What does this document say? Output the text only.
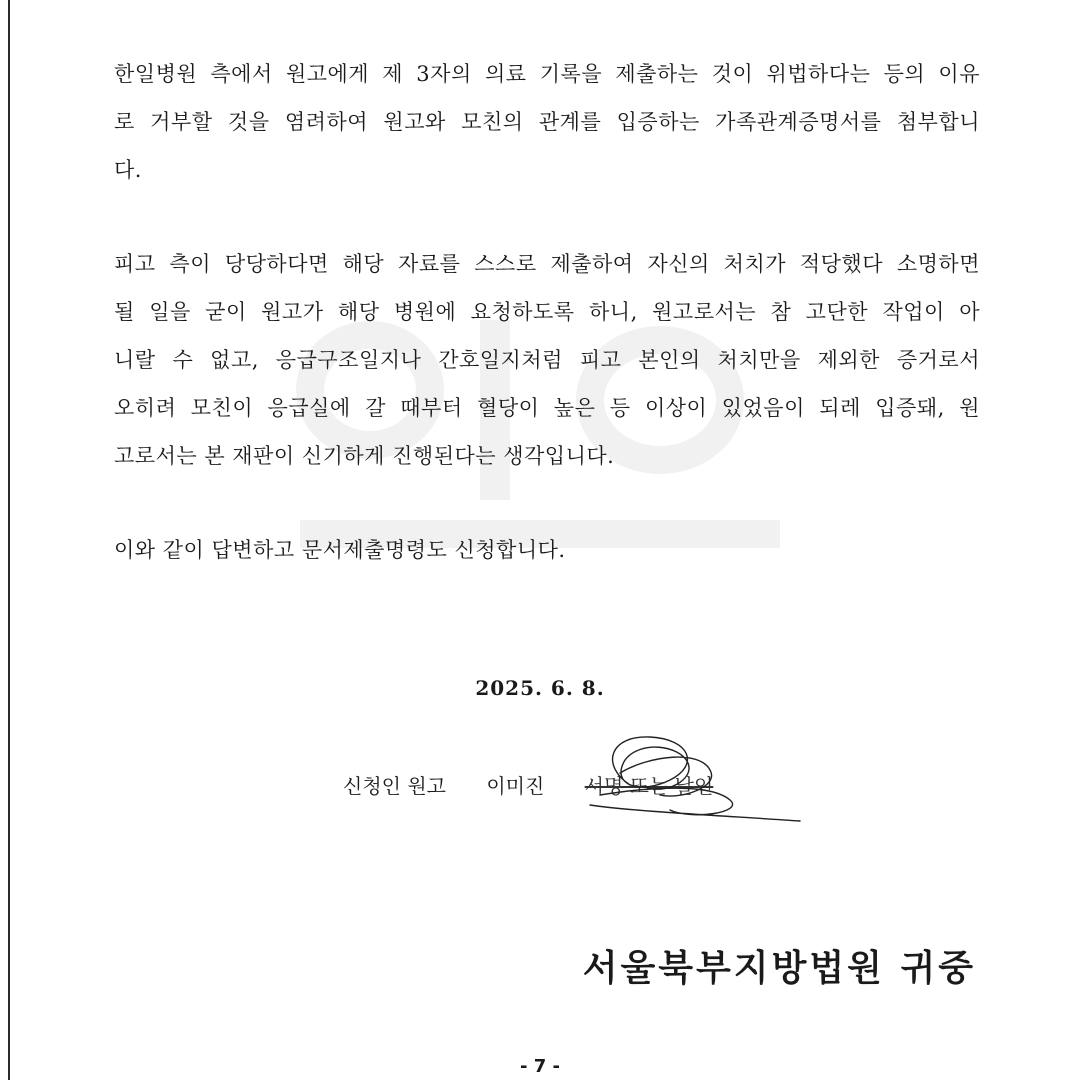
한일병원 측에서 원고에게 제 3자의 의료 기록을 제출하는 것이 위법하다는 등의 이유
로 거부할 것을 염려하여 원고와 모친의 관계를 입증하는 가족관계증명서를 첨부합니
다.
피고 측이 당당하다면 해당 자료를 스스로 제출하여 자신의 처치가 적당했다 소명하면
될 일을 굳이 원고가 해당 병원에 요청하도록 하니, 원고로서는 참 고단한 작업이 아
니랄 수 없고, 응급구조일지나 간호일지처럼 피고 본인의 처치만을 제외한 증거로서
오히려 모친이 응급실에 갈 때부터 혈당이 높은 등 이상이 있었음이 되레 입증돼, 원
고로서는 본 재판이 신기하게 진행된다는 생각입니다.
이와 같이 답변하고 문서제출명령도 신청합니다.
2025. 6. 8.
신청인 원고 이미진 서명 또는 날인
서울북부지방법원 귀중
- 7 -
